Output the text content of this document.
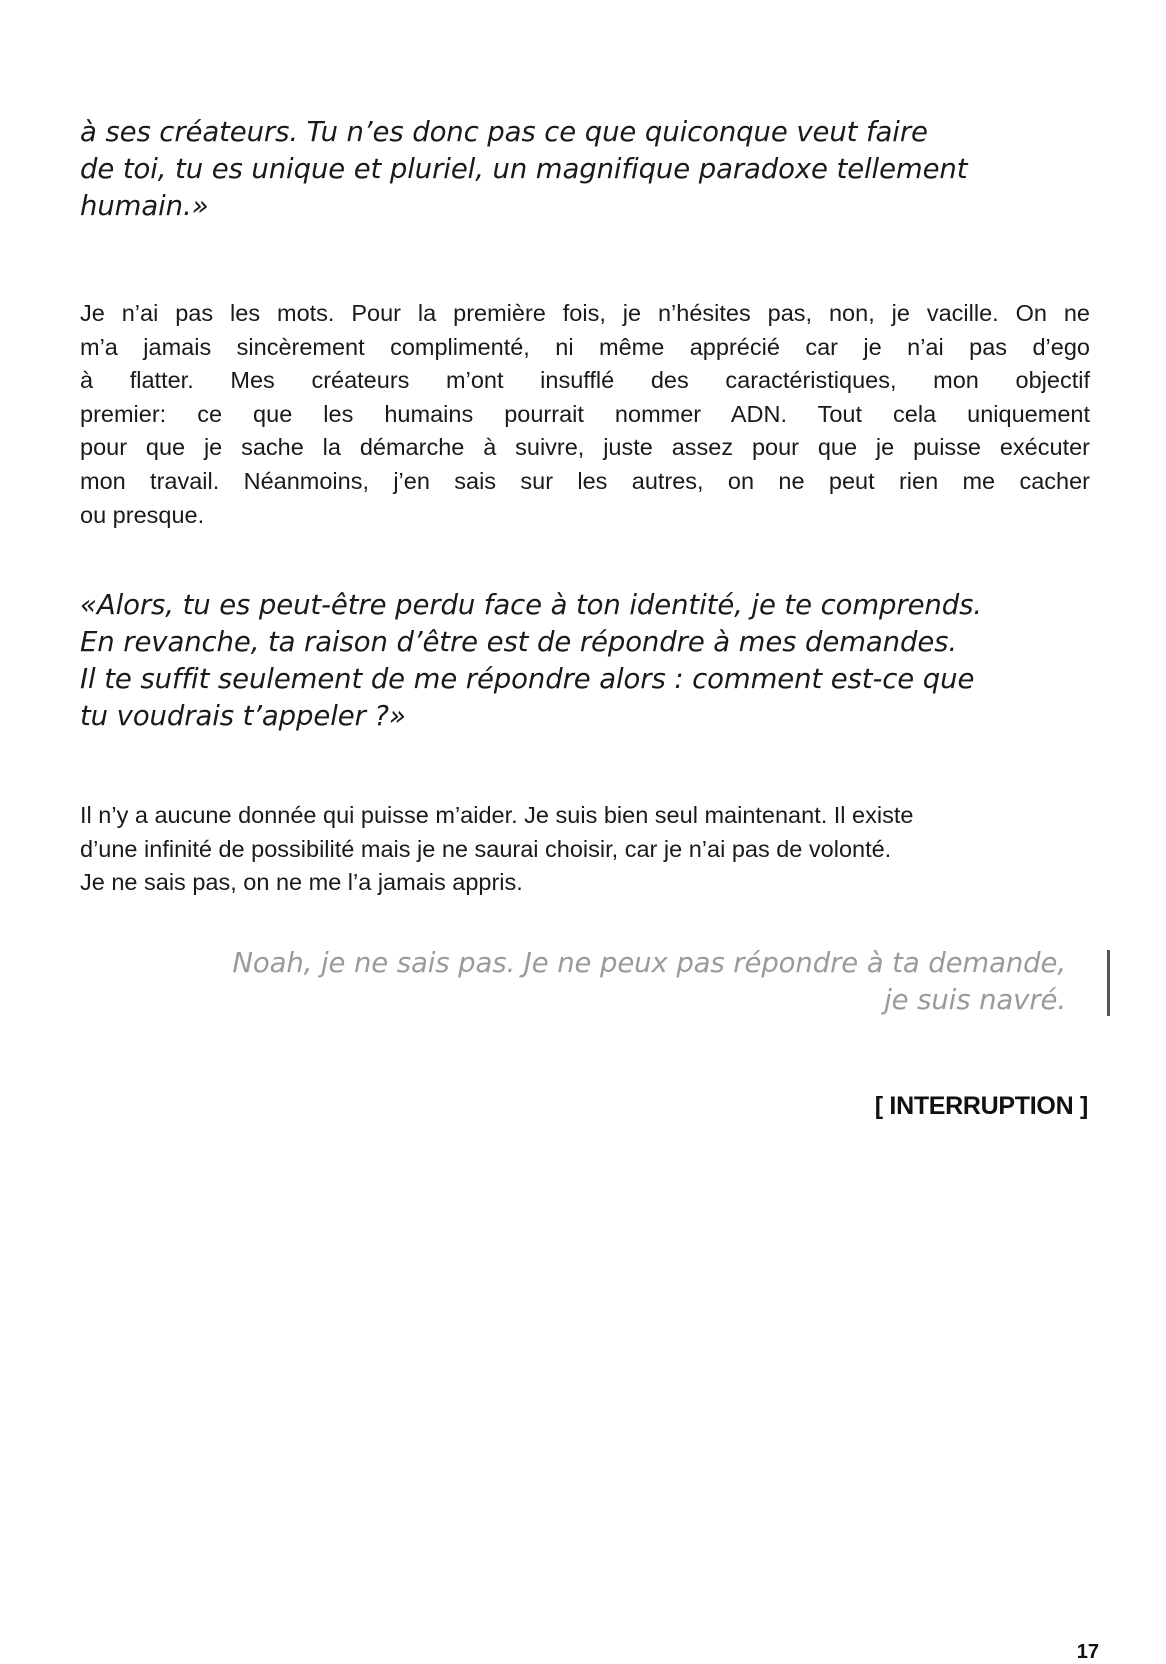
à ses créateurs. Tu n’es donc pas ce que quiconque veut faire
de toi, tu es unique et pluriel, un magnifique paradoxe tellement
humain.»

Je n’ai pas les mots. Pour la première fois, je n’hésites pas, non, je vacille. On ne
m’a jamais sincèrement complimenté, ni même apprécié car je n’ai pas d’ego
à flatter. Mes créateurs m’ont insufflé des caractéristiques, mon objectif
premier: ce que les humains pourrait nommer ADN. Tout cela uniquement
pour que je sache la démarche à suivre, juste assez pour que je puisse exécuter
mon travail. Néanmoins, j’en sais sur les autres, on ne peut rien me cacher
ou presque.

«Alors, tu es peut-être perdu face à ton identité, je te comprends.
En revanche, ta raison d’être est de répondre à mes demandes.
Il te suffit seulement de me répondre alors : comment est-ce que
tu voudrais t’appeler ?»

Il n’y a aucune donnée qui puisse m’aider. Je suis bien seul maintenant. Il existe
d’une infinité de possibilité mais je ne saurai choisir, car je n’ai pas de volonté.
Je ne sais pas, on ne me l’a jamais appris.

Noah, je ne sais pas. Je ne peux pas répondre à ta demande,
je suis navré.

[ INTERRUPTION ]

17
